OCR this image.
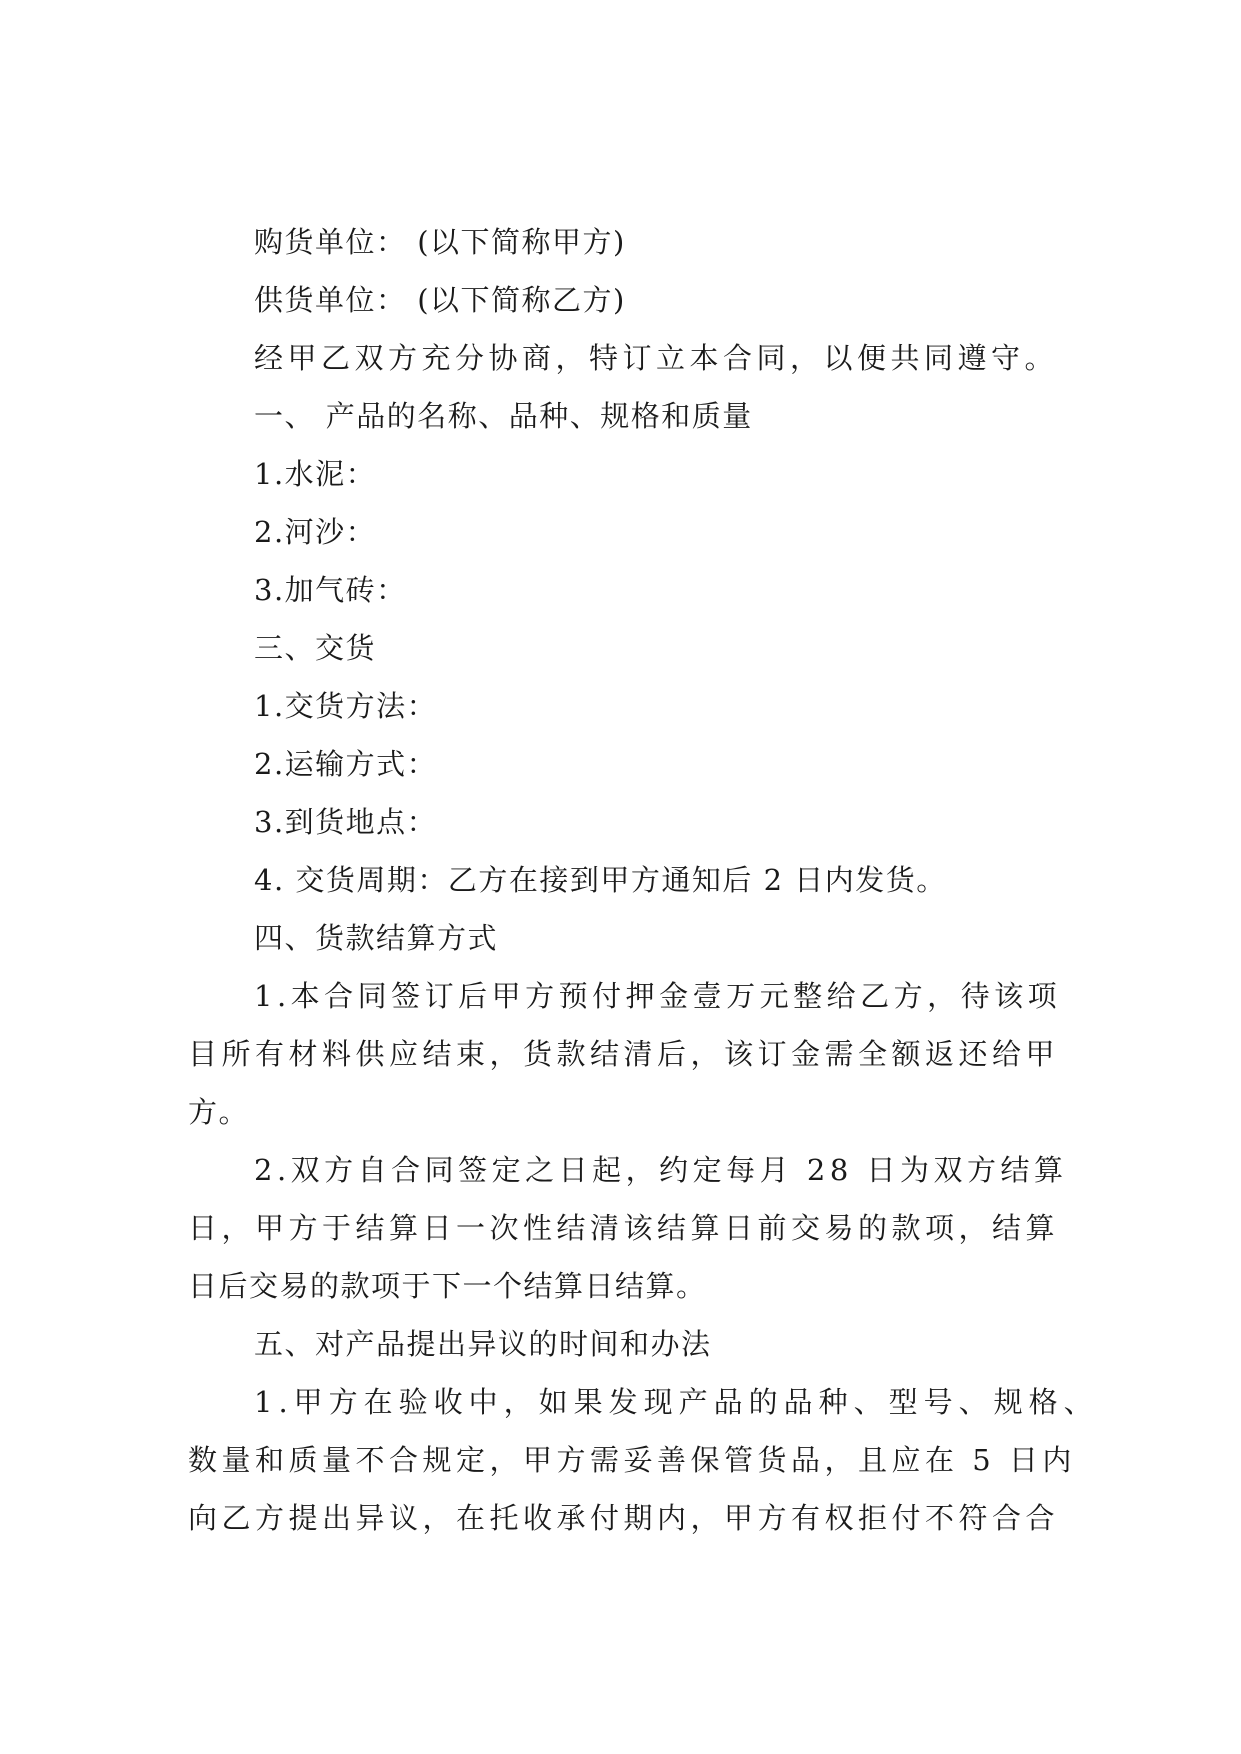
购货单位： (以下简称甲方)
供货单位： (以下简称乙方)
经甲乙双方充分协商，特订立本合同，以便共同遵守。
一、 产品的名称、品种、规格和质量
1.水泥：
2.河沙：
3.加气砖：
三、交货
1.交货方法：
2.运输方式：
3.到货地点：
4. 交货周期：乙方在接到甲方通知后 2 日内发货。
四、货款结算方式
1.本合同签订后甲方预付押金壹万元整给乙方，待该项
目所有材料供应结束，货款结清后，该订金需全额返还给甲
方。
2.双方自合同签定之日起，约定每月 28 日为双方结算
日，甲方于结算日一次性结清该结算日前交易的款项，结算
日后交易的款项于下一个结算日结算。
五、对产品提出异议的时间和办法
1.甲方在验收中，如果发现产品的品种、型号、规格、
数量和质量不合规定，甲方需妥善保管货品，且应在 5 日内
向乙方提出异议，在托收承付期内，甲方有权拒付不符合合
